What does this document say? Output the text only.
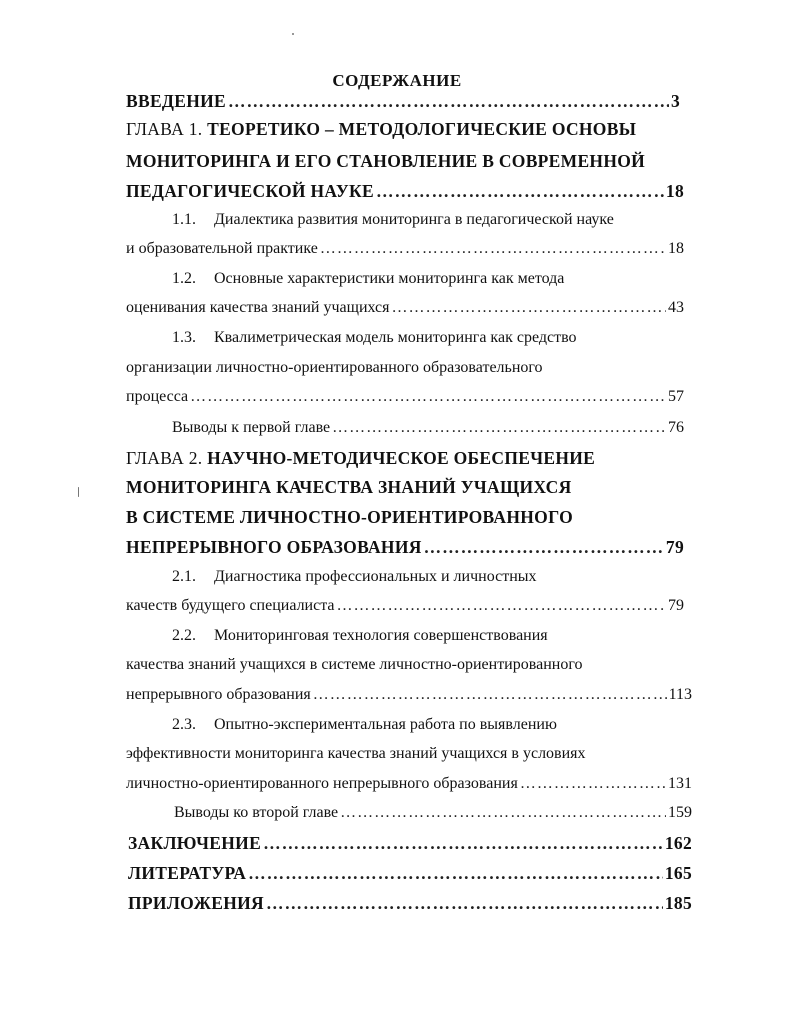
СОДЕРЖАНИЕ
ВВЕДЕНИЕ …………………………………………………………………………………………………………………………………………………………………	3
ГЛАВА 1.
ТЕОРЕТИКО – МЕТОДОЛОГИЧЕСКИЕ ОСНОВЫ
МОНИТОРИНГА И ЕГО СТАНОВЛЕНИЕ В СОВРЕМЕННОЙ
ПЕДАГОГИЧЕСКОЙ НАУКЕ …………………………………………………………………………………………………………………………………………………………………	18
1.1.	Диалектика развития мониторинга в педагогической науке
и образовательной практике …………………………………………………………………………………………………………………………………………………………………	18
1.2.	Основные характеристики мониторинга как метода
оценивания качества знаний учащихся …………………………………………………………………………………………………………………………………………………………………	43
1.3.	Квалиметрическая модель мониторинга как средство
организации личностно-ориентированного образовательного
процесса …………………………………………………………………………………………………………………………………………………………………	57
Выводы к первой главе …………………………………………………………………………………………………………………………………………………………………	76
ГЛАВА 2.
НАУЧНО-МЕТОДИЧЕСКОЕ ОБЕСПЕЧЕНИЕ
МОНИТОРИНГА КАЧЕСТВА ЗНАНИЙ УЧАЩИХСЯ
В СИСТЕМЕ ЛИЧНОСТНО-ОРИЕНТИРОВАННОГО
НЕПРЕРЫВНОГО ОБРАЗОВАНИЯ …………………………………………………………………………………………………………………………………………………………………	79
2.1.	Диагностика профессиональных и личностных
качеств будущего специалиста …………………………………………………………………………………………………………………………………………………………………	79
2.2.	Мониторинговая технология совершенствования
качества знаний учащихся в системе личностно-ориентированного
непрерывного образования …………………………………………………………………………………………………………………………………………………………………	113
2.3.	Опытно-экспериментальная работа по выявлению
эффективности мониторинга качества знаний учащихся в условиях
личностно-ориентированного непрерывного образования …………………………………………………………………………………………………………………………………………………………………	131
Выводы ко второй главе …………………………………………………………………………………………………………………………………………………………………	159
ЗАКЛЮЧЕНИЕ …………………………………………………………………………………………………………………………………………………………………	162
ЛИТЕРАТУРА …………………………………………………………………………………………………………………………………………………………………	165
ПРИЛОЖЕНИЯ …………………………………………………………………………………………………………………………………………………………………	185
